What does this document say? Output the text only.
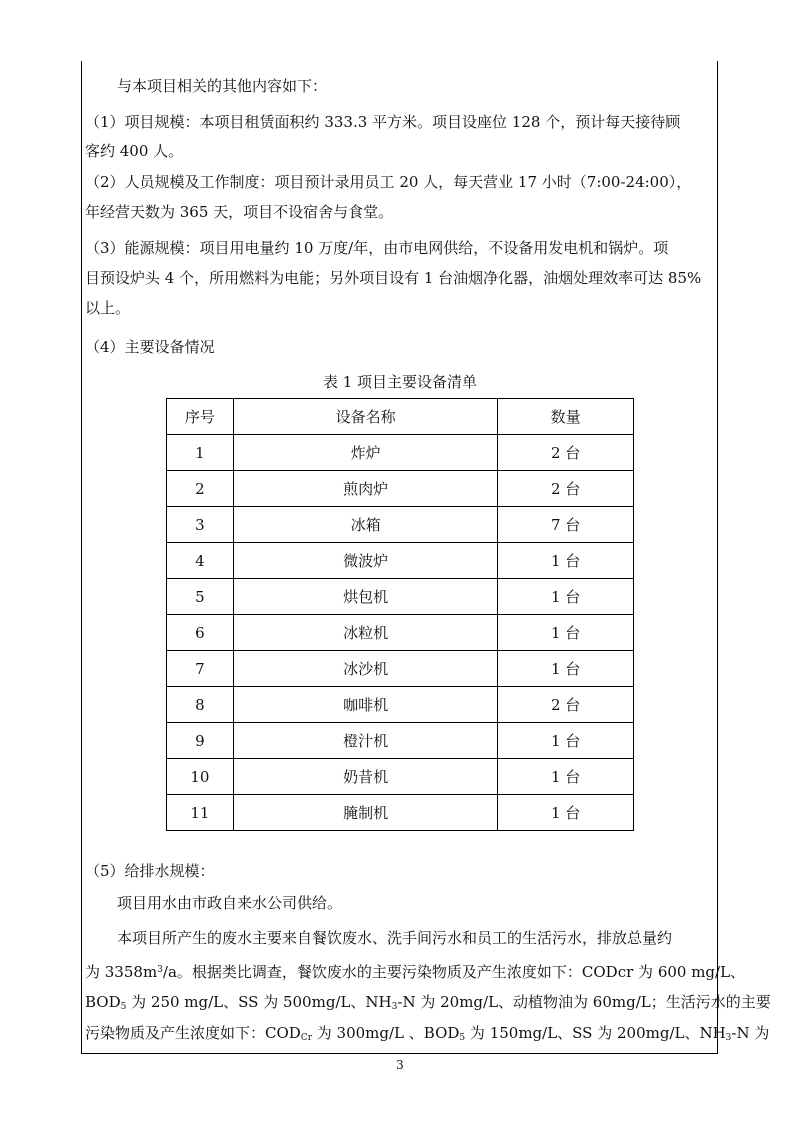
与本项目相关的其他内容如下：
（1）项目规模：本项目租赁面积约 333.3 平方米。项目设座位 128 个，预计每天接待顾
客约 400 人。
（2）人员规模及工作制度：项目预计录用员工 20 人，每天营业 17 小时（7:00-24:00），
年经营天数为 365 天，项目不设宿舍与食堂。
（3）能源规模：项目用电量约 10 万度/年，由市电网供给，不设备用发电机和锅炉。项
目预设炉头 4 个，所用燃料为电能；另外项目设有 1 台油烟净化器，油烟处理效率可达 85%
以上。
（4）主要设备情况
表 1 项目主要设备清单
序号	设备名称	数量
1	炸炉	2 台
2	煎肉炉	2 台
3	冰箱	7 台
4	微波炉	1 台
5	烘包机	1 台
6	冰粒机	1 台
7	冰沙机	1 台
8	咖啡机	2 台
9	橙汁机	1 台
10	奶昔机	1 台
11	腌制机	1 台
（5）给排水规模：
项目用水由市政自来水公司供给。
本项目所产生的废水主要来自餐饮废水、洗手间污水和员工的生活污水，排放总量约
为 $3358m^3/a$。根据类比调查，餐饮废水的主要污染物质及产生浓度如下：CODcr 为 600 mg/L、
$BOD_5$ 为 250 mg/L、SS 为 500mg/L、$NH_3-N$ 为 20mg/L、动植物油为 60mg/L；生活污水的主要
污染物质及产生浓度如下：$COD_{Cr}$ 为 300mg/L 、$BOD_5$ 为 150mg/L、SS 为 200mg/L、$NH_3-N$ 为
3
